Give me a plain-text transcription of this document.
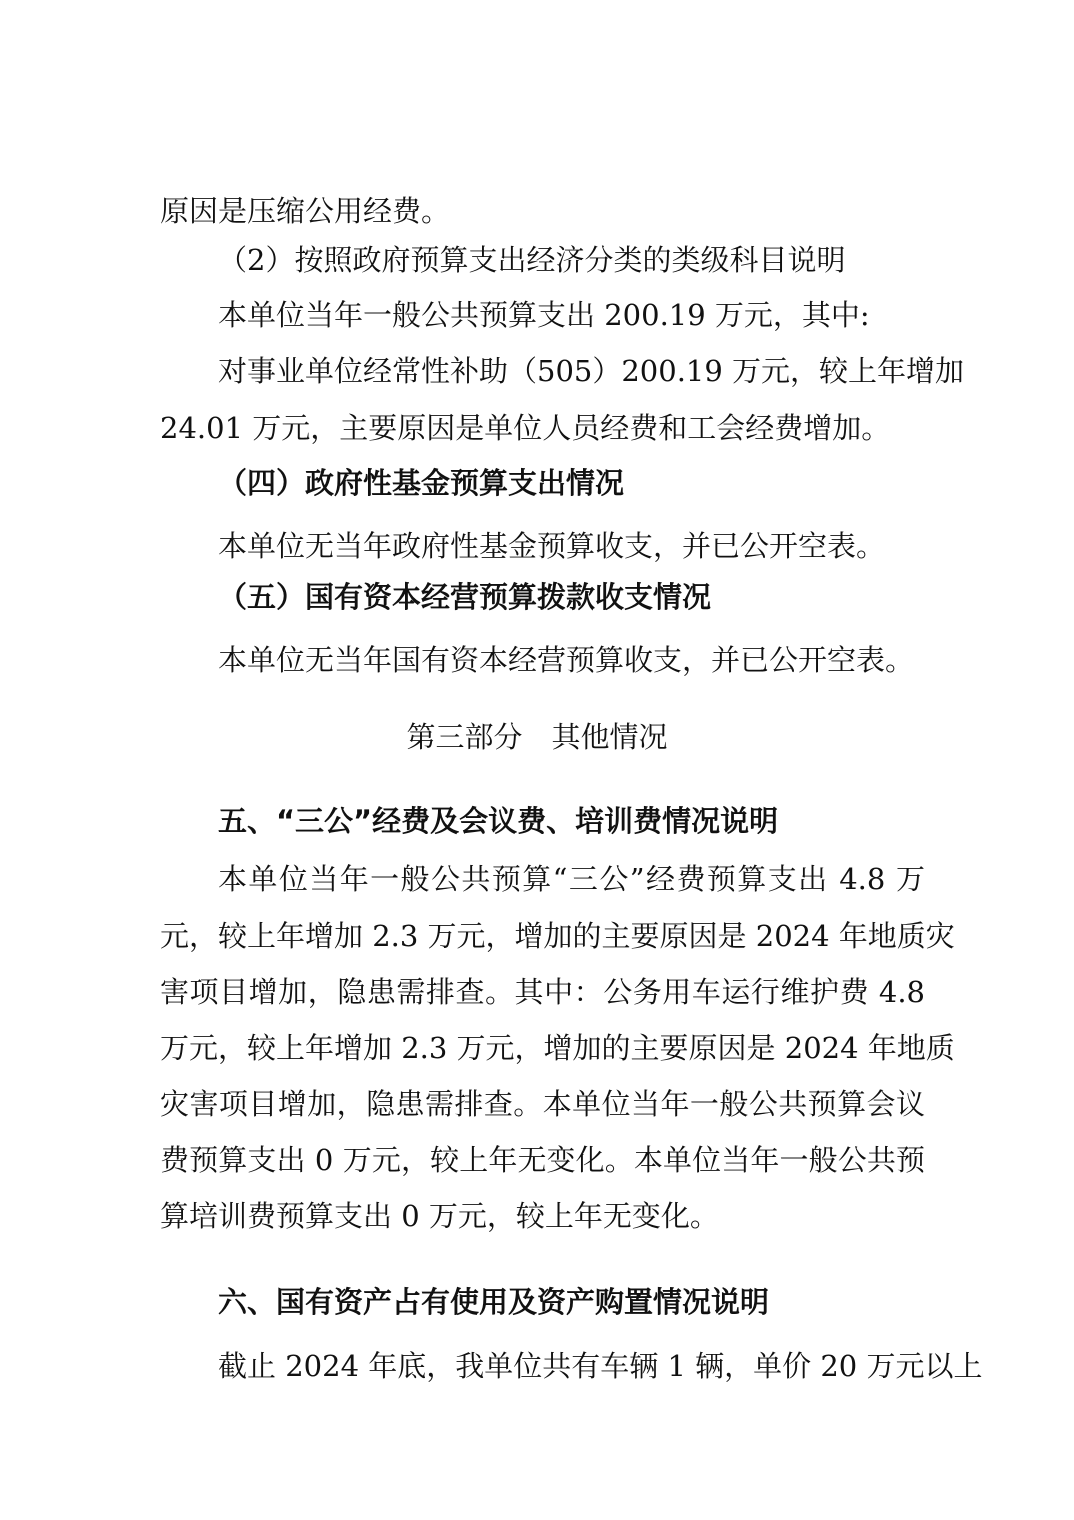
原因是压缩公用经费。
（2）按照政府预算支出经济分类的类级科目说明
本单位当年一般公共预算支出 200.19 万元，其中:
对事业单位经常性补助（505）200.19 万元，较上年增加
24.01 万元，主要原因是单位人员经费和工会经费增加。
（四）政府性基金预算支出情况
本单位无当年政府性基金预算收支，并已公开空表。
（五）国有资本经营预算拨款收支情况
本单位无当年国有资本经营预算收支，并已公开空表。
第三部分　其他情况
五、“三公”经费及会议费、培训费情况说明
本单位当年一般公共预算“三公”经费预算支出 4.8 万
元，较上年增加 2.3 万元，增加的主要原因是 2024 年地质灾
害项目增加，隐患需排查。其中：公务用车运行维护费 4.8
万元，较上年增加 2.3 万元，增加的主要原因是 2024 年地质
灾害项目增加，隐患需排查。本单位当年一般公共预算会议
费预算支出 0 万元，较上年无变化。本单位当年一般公共预
算培训费预算支出 0 万元，较上年无变化。
六、国有资产占有使用及资产购置情况说明
截止 2024 年底，我单位共有车辆 1 辆，单价 20 万元以上
